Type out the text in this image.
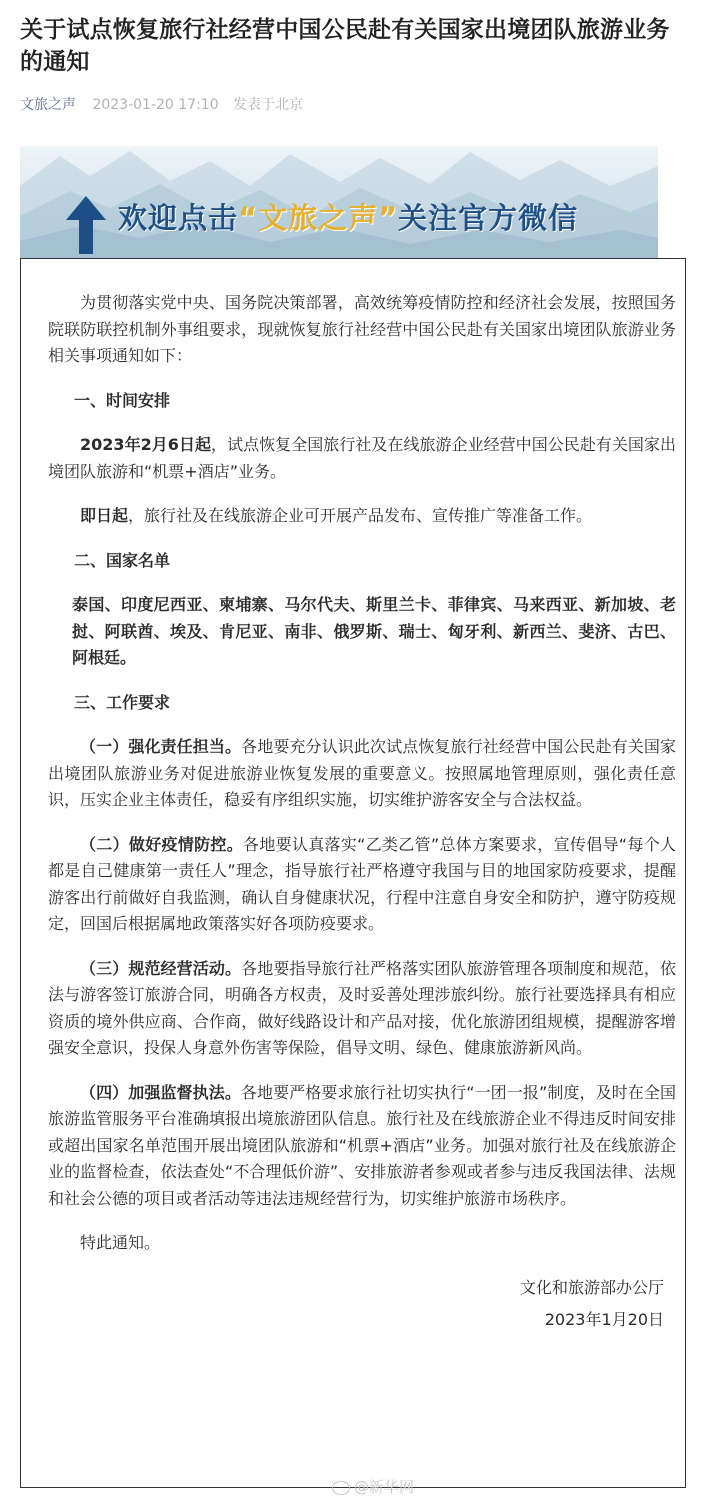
关于试点恢复旅行社经营中国公民赴有关国家出境团队旅游业务的通知
文旅之声 2023-01-20 17:10 发表于北京
欢迎点击“文旅之声”关注官方微信

为贯彻落实党中央、国务院决策部署，高效统筹疫情防控和经济社会发展，按照国务院联防联控机制外事组要求，现就恢复旅行社经营中国公民赴有关国家出境团队旅游业务相关事项通知如下：

一、时间安排

2023年2月6日起，试点恢复全国旅行社及在线旅游企业经营中国公民赴有关国家出境团队旅游和“机票+酒店”业务。

即日起，旅行社及在线旅游企业可开展产品发布、宣传推广等准备工作。

二、国家名单

泰国、印度尼西亚、柬埔寨、马尔代夫、斯里兰卡、菲律宾、马来西亚、新加坡、老挝、阿联酋、埃及、肯尼亚、南非、俄罗斯、瑞士、匈牙利、新西兰、斐济、古巴、阿根廷。

三、工作要求

（一）强化责任担当。各地要充分认识此次试点恢复旅行社经营中国公民赴有关国家出境团队旅游业务对促进旅游业恢复发展的重要意义。按照属地管理原则，强化责任意识，压实企业主体责任，稳妥有序组织实施，切实维护游客安全与合法权益。

（二）做好疫情防控。各地要认真落实“乙类乙管”总体方案要求，宣传倡导“每个人都是自己健康第一责任人”理念，指导旅行社严格遵守我国与目的地国家防疫要求，提醒游客出行前做好自我监测，确认自身健康状况，行程中注意自身安全和防护，遵守防疫规定，回国后根据属地政策落实好各项防疫要求。

（三）规范经营活动。各地要指导旅行社严格落实团队旅游管理各项制度和规范，依法与游客签订旅游合同，明确各方权责，及时妥善处理涉旅纠纷。旅行社要选择具有相应资质的境外供应商、合作商，做好线路设计和产品对接，优化旅游团组规模，提醒游客增强安全意识，投保人身意外伤害等保险，倡导文明、绿色、健康旅游新风尚。

（四）加强监督执法。各地要严格要求旅行社切实执行“一团一报”制度，及时在全国旅游监管服务平台准确填报出境旅游团队信息。旅行社及在线旅游企业不得违反时间安排或超出国家名单范围开展出境团队旅游和“机票+酒店”业务。加强对旅行社及在线旅游企业的监督检查，依法查处“不合理低价游”、安排旅游者参观或者参与违反我国法律、法规和社会公德的项目或者活动等违法违规经营行为，切实维护旅游市场秩序。

特此通知。

文化和旅游部办公厅

2023年1月20日

@新华网
